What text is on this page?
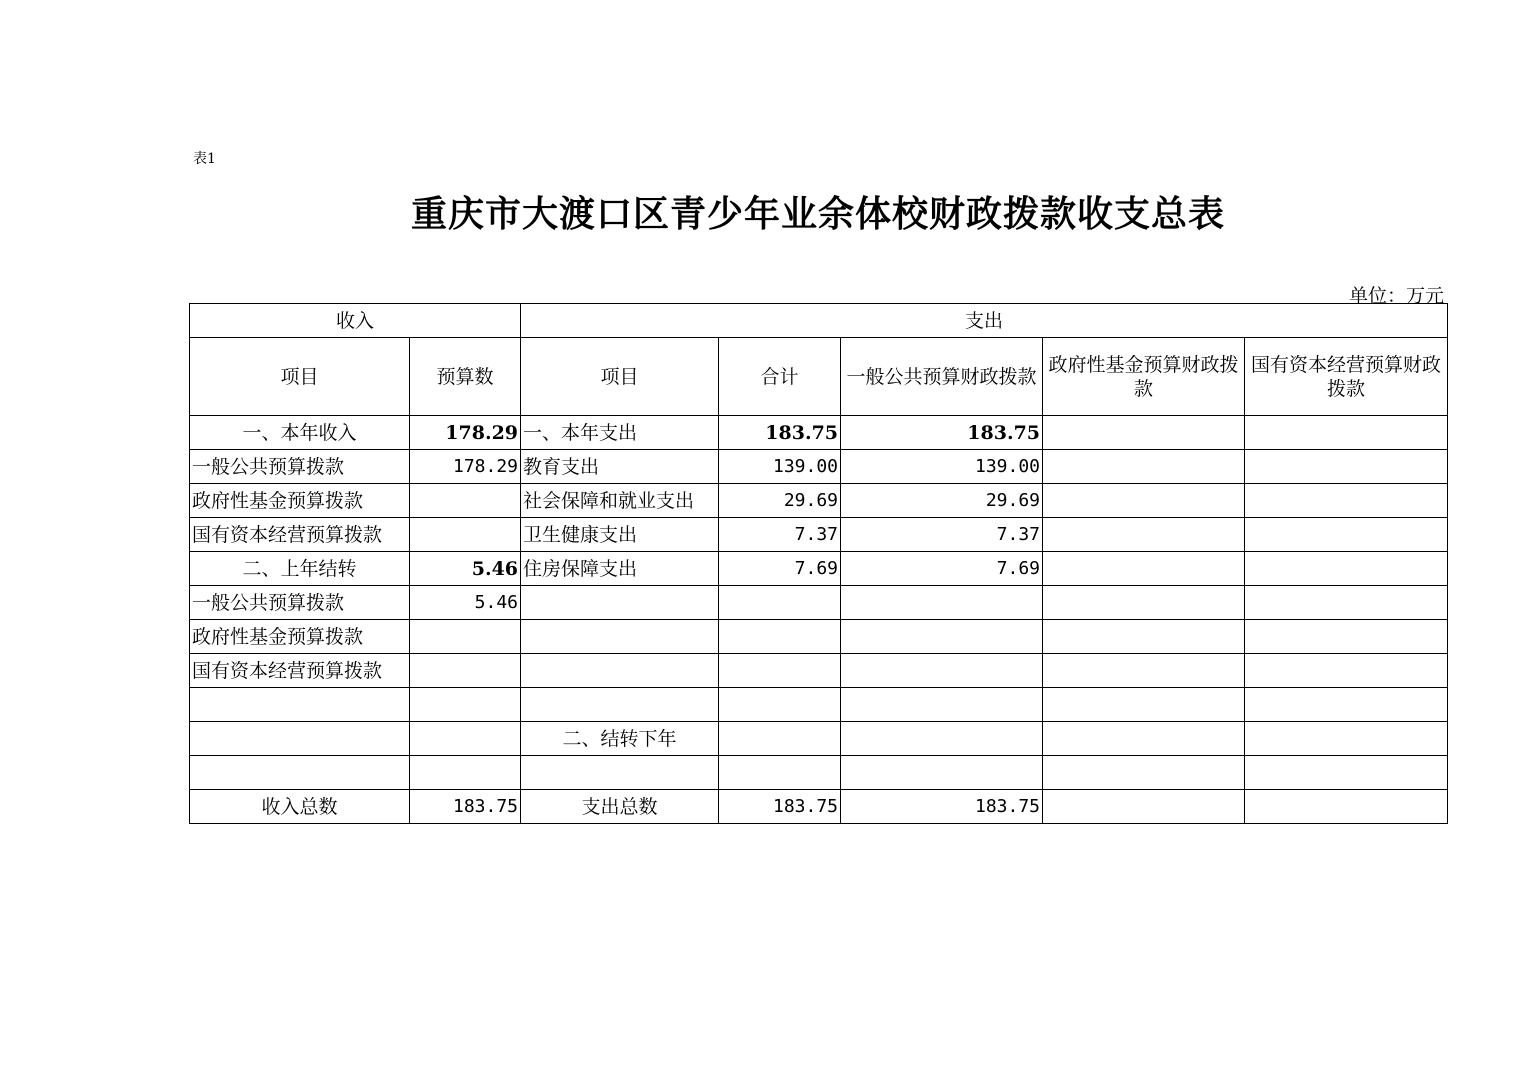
表1
重庆市大渡口区青少年业余体校财政拨款收支总表
单位：万元
收入		支出				
项目	预算数	项目	合计	一般公共预算财政拨款	政府性基金预算财政拨款	国有资本经营预算财政拨款
一、本年收入	178.29	一、本年支出	183.75	183.75		
一般公共预算拨款	178.29	教育支出	139.00	139.00		
政府性基金预算拨款		社会保障和就业支出	29.69	29.69		
国有资本经营预算拨款		卫生健康支出	7.37	7.37		
二、上年结转	5.46	住房保障支出	7.69	7.69		
一般公共预算拨款	5.46					
政府性基金预算拨款						
国有资本经营预算拨款						

		二、结转下年				

收入总数	183.75	支出总数	183.75	183.75		
